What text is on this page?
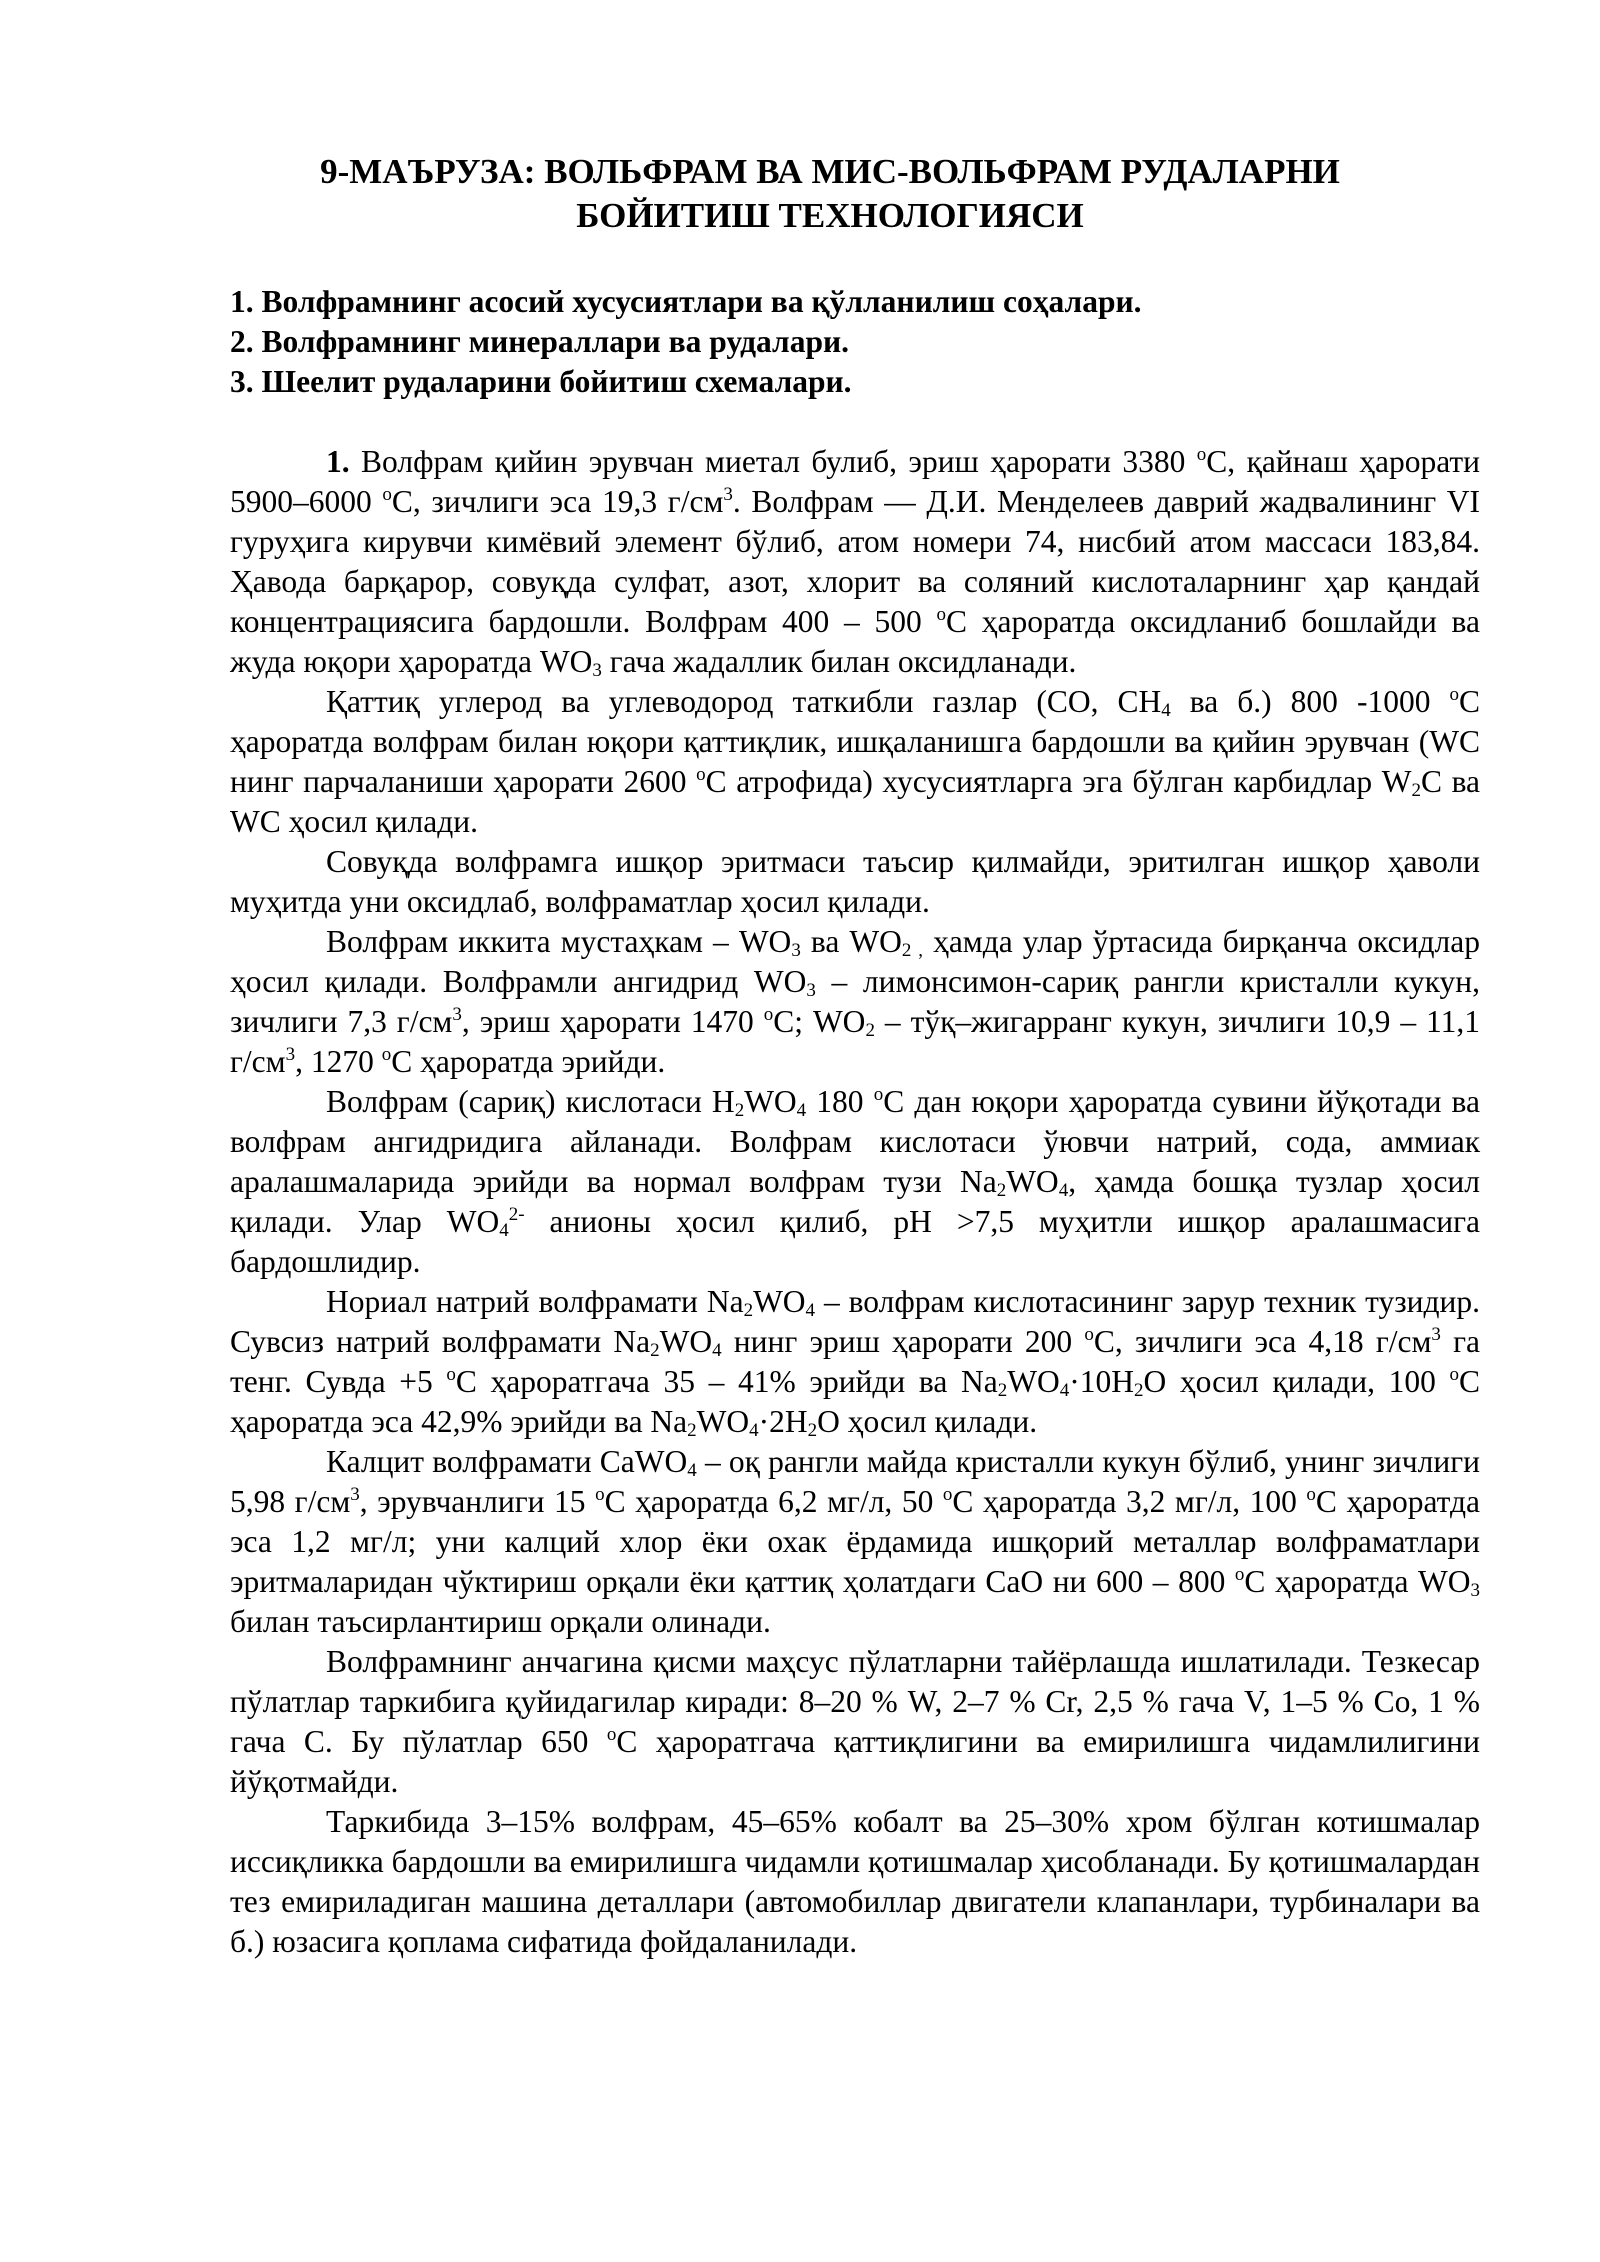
9-МАЪРУЗА: ВОЛЬФРАМ ВА МИС-ВОЛЬФРАМ РУДАЛАРНИ
БОЙИТИШ ТЕХНОЛОГИЯСИ
1. Волфрамнинг асосий хусусиятлари ва қўлланилиш соҳалари.
2. Волфрамнинг минераллари ва рудалари.
3. Шеелит рудаларини бойитиш схемалари.

1. Волфрам қийин эрувчан миетал булиб, эриш ҳарорати 3380 $^о$С, қайнаш ҳарорати 5900–6000 $^о$С, зичлиги эса 19,3 $г/см^3$. Волфрам — Д.И. Менделеев даврий жадвалининг VI гуруҳига кирувчи кимёвий элемент бўлиб, атом номери 74, нисбий атом массаси 183,84. Ҳавода барқарор, совуқда сулфат, азот, хлорит ва соляний кислоталарнинг ҳар қандай концентрациясига бардошли. Волфрам 400 – 500 $^о$С ҳароратда оксидланиб бошлайди ва жуда юқори ҳароратда $WO_3$ гача жадаллик билан оксидланади.

Қаттиқ углерод ва углеводород таткибли газлар (СО, $СН_4$ ва б.) 800 -1000 $^о$С ҳароратда волфрам билан юқори қаттиқлик, ишқаланишга бардошли ва қийин эрувчан (WC нинг парчаланиши ҳарорати 2600 $^о$С атрофида) хусусиятларга эга бўлган карбидлар $W_2С$ ва WC ҳосил қилади.

Совуқда волфрамга ишқор эритмаси таъсир қилмайди, эритилган ишқор ҳаволи муҳитда уни оксидлаб, волфраматлар ҳосил қилади.

Волфрам иккита мустаҳкам – $WO_3$ ва $WO_2$ $_,$ ҳамда улар ўртасида бирқанча оксидлар ҳосил қилади. Волфрамли ангидрид $WO_3$ – лимонсимон-сариқ рангли кристалли кукун, зичлиги 7,3 $г/см^3$, эриш ҳарорати 1470 $^о$С; $WO_2$ – тўқ–жигарранг кукун, зичлиги 10,9 – 11,1 $г/см^3$, 1270 $^о$С ҳароратда эрийди.

Волфрам (сариқ) кислотаси $H_2WO_4$ 180 $^о$С дан юқори ҳароратда сувини йўқотади ва волфрам ангидридига айланади. Волфрам кислотаси ўювчи натрий, сода, аммиак аралашмаларида эрийди ва нормал волфрам тузи $Na_2WO_4$, ҳамда бошқа тузлар ҳосил қилади. Улар $WO_4^{2-}$ анионы ҳосил қилиб, рН >7,5 муҳитли ишқор аралашмасига бардошлидир.

Нориал натрий волфрамати $Na_2WO_4$ – волфрам кислотасининг зарур техник тузидир. Сувсиз натрий волфрамати $Na_2WO_4$ нинг эриш ҳарорати 200 $^о$С, зичлиги эса 4,18 $г/см^3$ га тенг. Сувда +5 $^о$С ҳароратгача 35 – 41% эрийди ва $Na_2WO_4\cdot 10H_2O$ ҳосил қилади, 100 $^о$С ҳароратда эса 42,9% эрийди ва $Na_2WO_4\cdot 2H_2O$ ҳосил қилади.

Калцит волфрамати CaWO$_4$ – оқ рангли майда кристалли кукун бўлиб, унинг зичлиги 5,98 $г/см^3$, эрувчанлиги 15 $^о$С ҳароратда 6,2 мг/л, 50 $^о$С ҳароратда 3,2 мг/л, 100 $^о$С ҳароратда эса 1,2 мг/л; уни калций хлор ёки охак ёрдамида ишқорий металлар волфраматлари эритмаларидан чўктириш орқали ёки қаттиқ ҳолатдаги CaO ни 600 – 800 $^о$С ҳароратда $WO_3$ билан таъсирлантириш орқали олинади.

Волфрамнинг анчагина қисми маҳсус пўлатларни тайёрлашда ишлатилади. Тезкесар пўлатлар таркибига қуйидагилар киради: 8–20 % W, 2–7 % Cr, 2,5 % гача V, 1–5 % Co, 1 % гача C. Бу пўлатлар 650 $^о$С ҳароратгача қаттиқлигини ва емирилишга чидамлилигини йўқотмайди.

Таркибида 3–15% волфрам, 45–65% кобалт ва 25–30% хром бўлган котишмалар иссиқликка бардошли ва емирилишга чидамли қотишмалар ҳисобланади. Бу қотишмалардан тез емириладиган машина деталлари (автомобиллар двигатели клапанлари, турбиналари ва б.) юзасига қоплама сифатида фойдаланилади.
